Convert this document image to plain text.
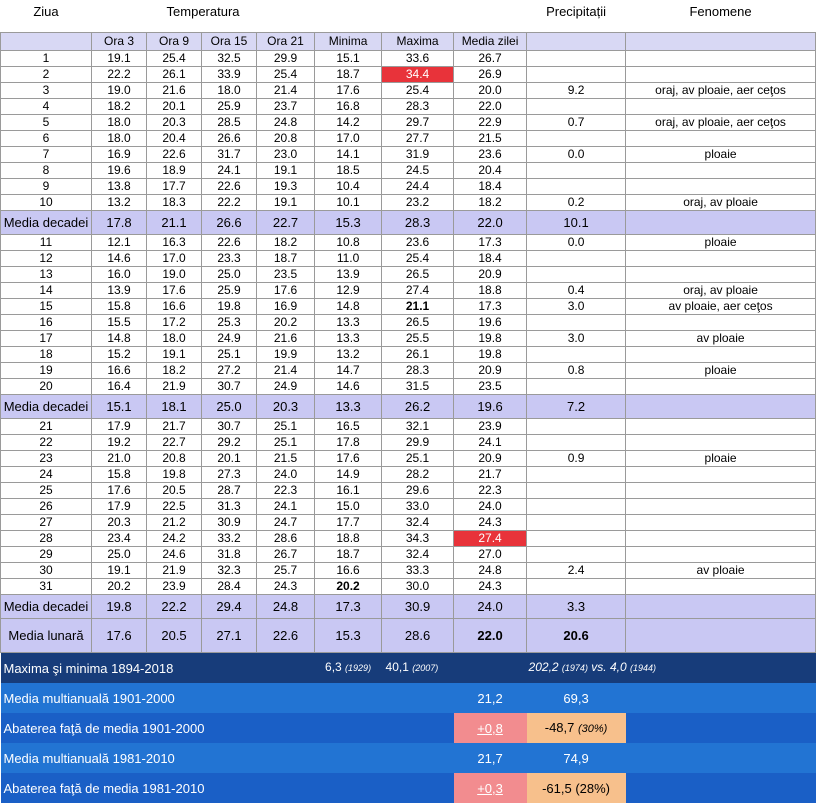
Ziua	Temperatura							Precipitații	Fenomene
	Ora 3	Ora 9	Ora 15	Ora 21	Minima	Maxima	Media zilei		
1	19.1	25.4	32.5	29.9	15.1	33.6	26.7		
2	22.2	26.1	33.9	25.4	18.7	34.4	26.9		
3	19.0	21.6	18.0	21.4	17.6	25.4	20.0	9.2	oraj, av ploaie, aer ceţos
4	18.2	20.1	25.9	23.7	16.8	28.3	22.0		
5	18.0	20.3	28.5	24.8	14.2	29.7	22.9	0.7	oraj, av ploaie, aer ceţos
6	18.0	20.4	26.6	20.8	17.0	27.7	21.5		
7	16.9	22.6	31.7	23.0	14.1	31.9	23.6	0.0	ploaie
8	19.6	18.9	24.1	19.1	18.5	24.5	20.4		
9	13.8	17.7	22.6	19.3	10.4	24.4	18.4		
10	13.2	18.3	22.2	19.1	10.1	23.2	18.2	0.2	oraj, av ploaie
Media decadei	17.8	21.1	26.6	22.7	15.3	28.3	22.0	10.1	
11	12.1	16.3	22.6	18.2	10.8	23.6	17.3	0.0	ploaie
12	14.6	17.0	23.3	18.7	11.0	25.4	18.4		
13	16.0	19.0	25.0	23.5	13.9	26.5	20.9		
14	13.9	17.6	25.9	17.6	12.9	27.4	18.8	0.4	oraj, av ploaie
15	15.8	16.6	19.8	16.9	14.8	21.1	17.3	3.0	av ploaie, aer ceţos
16	15.5	17.2	25.3	20.2	13.3	26.5	19.6		
17	14.8	18.0	24.9	21.6	13.3	25.5	19.8	3.0	av ploaie
18	15.2	19.1	25.1	19.9	13.2	26.1	19.8		
19	16.6	18.2	27.2	21.4	14.7	28.3	20.9	0.8	ploaie
20	16.4	21.9	30.7	24.9	14.6	31.5	23.5		
Media decadei	15.1	18.1	25.0	20.3	13.3	26.2	19.6	7.2	
21	17.9	21.7	30.7	25.1	16.5	32.1	23.9		
22	19.2	22.7	29.2	25.1	17.8	29.9	24.1		
23	21.0	20.8	20.1	21.5	17.6	25.1	20.9	0.9	ploaie
24	15.8	19.8	27.3	24.0	14.9	28.2	21.7		
25	17.6	20.5	28.7	22.3	16.1	29.6	22.3		
26	17.9	22.5	31.3	24.1	15.0	33.0	24.0		
27	20.3	21.2	30.9	24.7	17.7	32.4	24.3		
28	23.4	24.2	33.2	28.6	18.8	34.3	27.4		
29	25.0	24.6	31.8	26.7	18.7	32.4	27.0		
30	19.1	21.9	32.3	25.7	16.6	33.3	24.8	2.4	av ploaie
31	20.2	23.9	28.4	24.3	20.2	30.0	24.3		
Media decadei	19.8	22.2	29.4	24.8	17.3	30.9	24.0	3.3	
Media lunară	17.6	20.5	27.1	22.6	15.3	28.6	22.0	20.6	
Maxima şi minima 1894-2018					6,3 (1929)	40,1 (2007)		202,2 (1974) vs. 4,0 (1944)	
Media multianuală 1901-2000							21,2	69,3	
Abaterea faţă de media 1901-2000							+0,8	-48,7 (30%)	
Media multianuală 1981-2010							21,7	74,9	
Abaterea faţă de media 1981-2010							+0,3	-61,5 (28%)	
